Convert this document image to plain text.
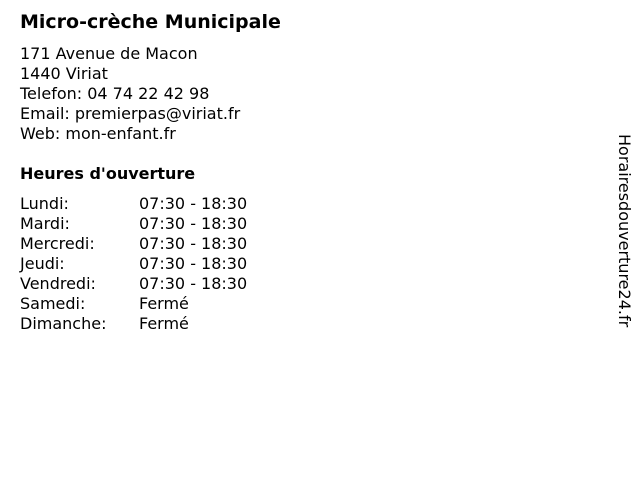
Micro-crèche Municipale
171 Avenue de Macon
1440 Viriat
Telefon: 04 74 22 42 98
Email: premierpas@viriat.fr
Web: mon-enfant.fr
Heures d'ouverture
Lundi:	07:30 - 18:30
Mardi:	07:30 - 18:30
Mercredi:	07:30 - 18:30
Jeudi:	07:30 - 18:30
Vendredi:	07:30 - 18:30
Samedi:	Fermé
Dimanche:	Fermé	Horairesdouverture24.fr
